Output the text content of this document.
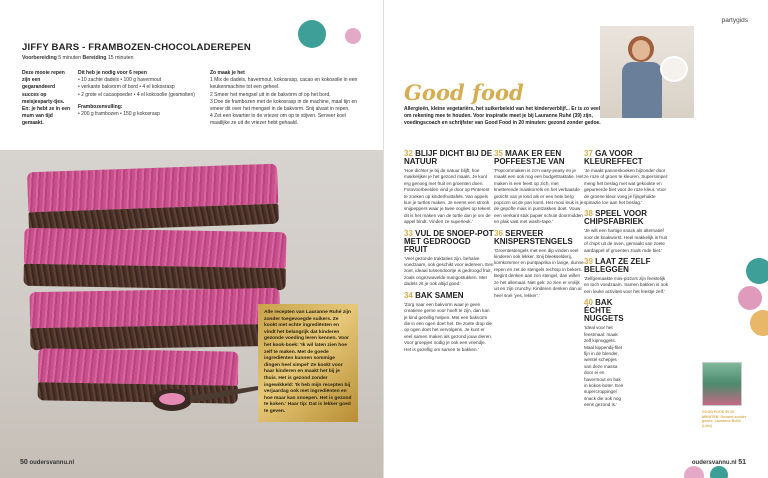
JIFFY BARS - FRAMBOZEN-CHOCOLADEREPEN
Voorbereiding 5 minuten Bereiding 15 minuten
Deze mooie repen zijn een gegarandeerd succes op meisjesparty-tjes. En: je hebt ze in een mum van tijd gemaakt.
Dit heb je nodig voor 6 repen
• 10 zachte dadels • 100 g havermout
• verkante bakvorm of bord • 4 el kokosrasp
• 2 grote el cacaopoeder • 4 el kokosolie (gesmolten)
Frambozenvulling:
• 200 g frambozen • 150 g kokosrasp
Zo maak je het
1 Mix de dadels, havermout, kokosrasp, cacao en kokosolie in een keukenmachine tot een geheel.
2 Smeer het mengsel uit in de bakvorm of op het bord.
3 Doe de frambozen met de kokosrasp in de machine, maal tijn en smeer dit over het mengsel in de bakvorm. Snij alvast in repen.
4 Zet een kwartier in de vriezer om op te stijven. Serveer koel maatlijke ze uit de vriezer hebt gehaald.
Alle recepten van Lauranne Ruhé zijn zonder toegevoegde suikers. Ze kookt met echte ingrediënten en vindt het belangrijk dat kinderen gezonde voeding leren kennen. Voor het kook-boek: 'Ik wil laten zien hoe zelf te maken. Met de goede ingrediënten kunnen sommige dingen heel simpel' Ze kookt voor haar kinderen en maakt het bij je thuis. Het is gezond zonder ingewikkeld: 'Ik heb mijn recepten bij verjaardag ook met ingrediënten en hoe maar kan snoepen. Het is gezond te koken.' Haar tip: Dat is lekker goed te geven.
50 oudersvannu.nl
partygids
Good food
Allergieën, kleine vegetariërs, het suikerbeleid van het kinderverblijf... Er is zo veel om rekening mee te houden. Voor inspiratie meet je bij Lauranne Ruhé (39) zijn, voedingscoach en schrijfster van Good Food in 20 minuten: gezond zonder gedoe.
32 BLIJF DICHT BIJ DE NATUUR
'Hoe dichter je bij de natuur blijft, hoe makkelijker je het gezond maakt. Je kunt erg genoeg met fruit en groenten doen. Fotovoorbeelden vind je door op Pinterest te zoeken op kinderfruittafels. Van appels kun je turtles maken. Je neemt een stronk snijpeppers waar je twee ooglies op tekent dit is het maken van de turtle dan je om de appel bindt. Vinden ze superleuk.'
33 VUL DE SNOEP-POT MET GEDROOGD FRUIT
'Veel gezonde traktaties zijn, behalve voedzaam, ook geschikt voor iedereen. Een zoet, ideaal tussendoortje is gedroogd fruit, zoals ongezwavelde mangostukken. Met dadels zit je ook altijd goed.'
34 BAK SAMEN
'Zorg naar een bakvorm waar je geen creatieve gerne voor hoeft te zijn, dan kan je kind gezellig helpen. Met een bakvorm die in een ogen doet het. De zoete drop die op ogen doet het vervolgens. Je kunt er veel samen maken als gezond jouw dieren. Voor groepjes nodig je ook een vriendje. Het is gezellig om samen te bakken.'
35 MAAK ER EEN POFFEESTJE VAN
'Popcornmaken is zo'n easy-peasy en je maakt een ook nog een budgettraktatie. Het maken is een feest op zich, met knetterende maiskorrels en het verbaasde gezicht van je kind als er een hele berg popcorn uit de pan komt. Het mooi leuk is je de gepofte mais in puntzakken doet. Vouw een vierkant stuk papier schuin doormidden en plak vast met washi-tape.'
36 SERVEER KNISPERSTENGELS
'Groentestengels met een dip vinden veel kinderen ook lekker. Snij bleekselderij, komkommer en puntpaprika in lange, dunne repen en zet de stengels rechtop in bekers. Begint denken aan zon stengel, dan willen ze het allemaal. Niet gek: zo zien er vrolijk uit en zijn crunchy. Kinderen denken dan al heel snel ‘yes, lekker’.'
37 GA VOOR KLEUREFFECT
'Je maakt pannenkoeken bijzonder door ze roze of groen te kleuren. Supersimpel: meng het beslag met wat gekookte en gepureerde biet voor de roze kleur. Voor de groene kleur voeg je fijngehakte spinazie toe aan het beslag.'
38 SPEEL VOOR CHIPSFABRIEK
'Je wilt een hartige snack als alternatief voor de knakworst. Heel makkelijk is fruit of chips uit de oven, gemaakt van zoete aardappel of groenten zoals rode biet.'
39 LAAT ZE ZELF BELEGGEN
'Zelfgemaakte mini-pizza's zijn feestelijk en toch voedzaam. Samen bakken is ook een leuke activiteit voor het feestje zelf.'
40 BAK ÉCHTE NUGGETS
'Ideal voor het feestmaal: maak zelf kipnuggets. Maal kippendij-filet fijn in de blender, wentel schepjes van deze massa door ei en havermout en bak in kokos-boter. Een supercroppingel snack die ook nog eens gezond is.'
GOOD FOOD IN 20 MINUTEN. Gezond zonder gedoe, Lauranne Ruhé (Lifel)
oudersvannu.nl 51
